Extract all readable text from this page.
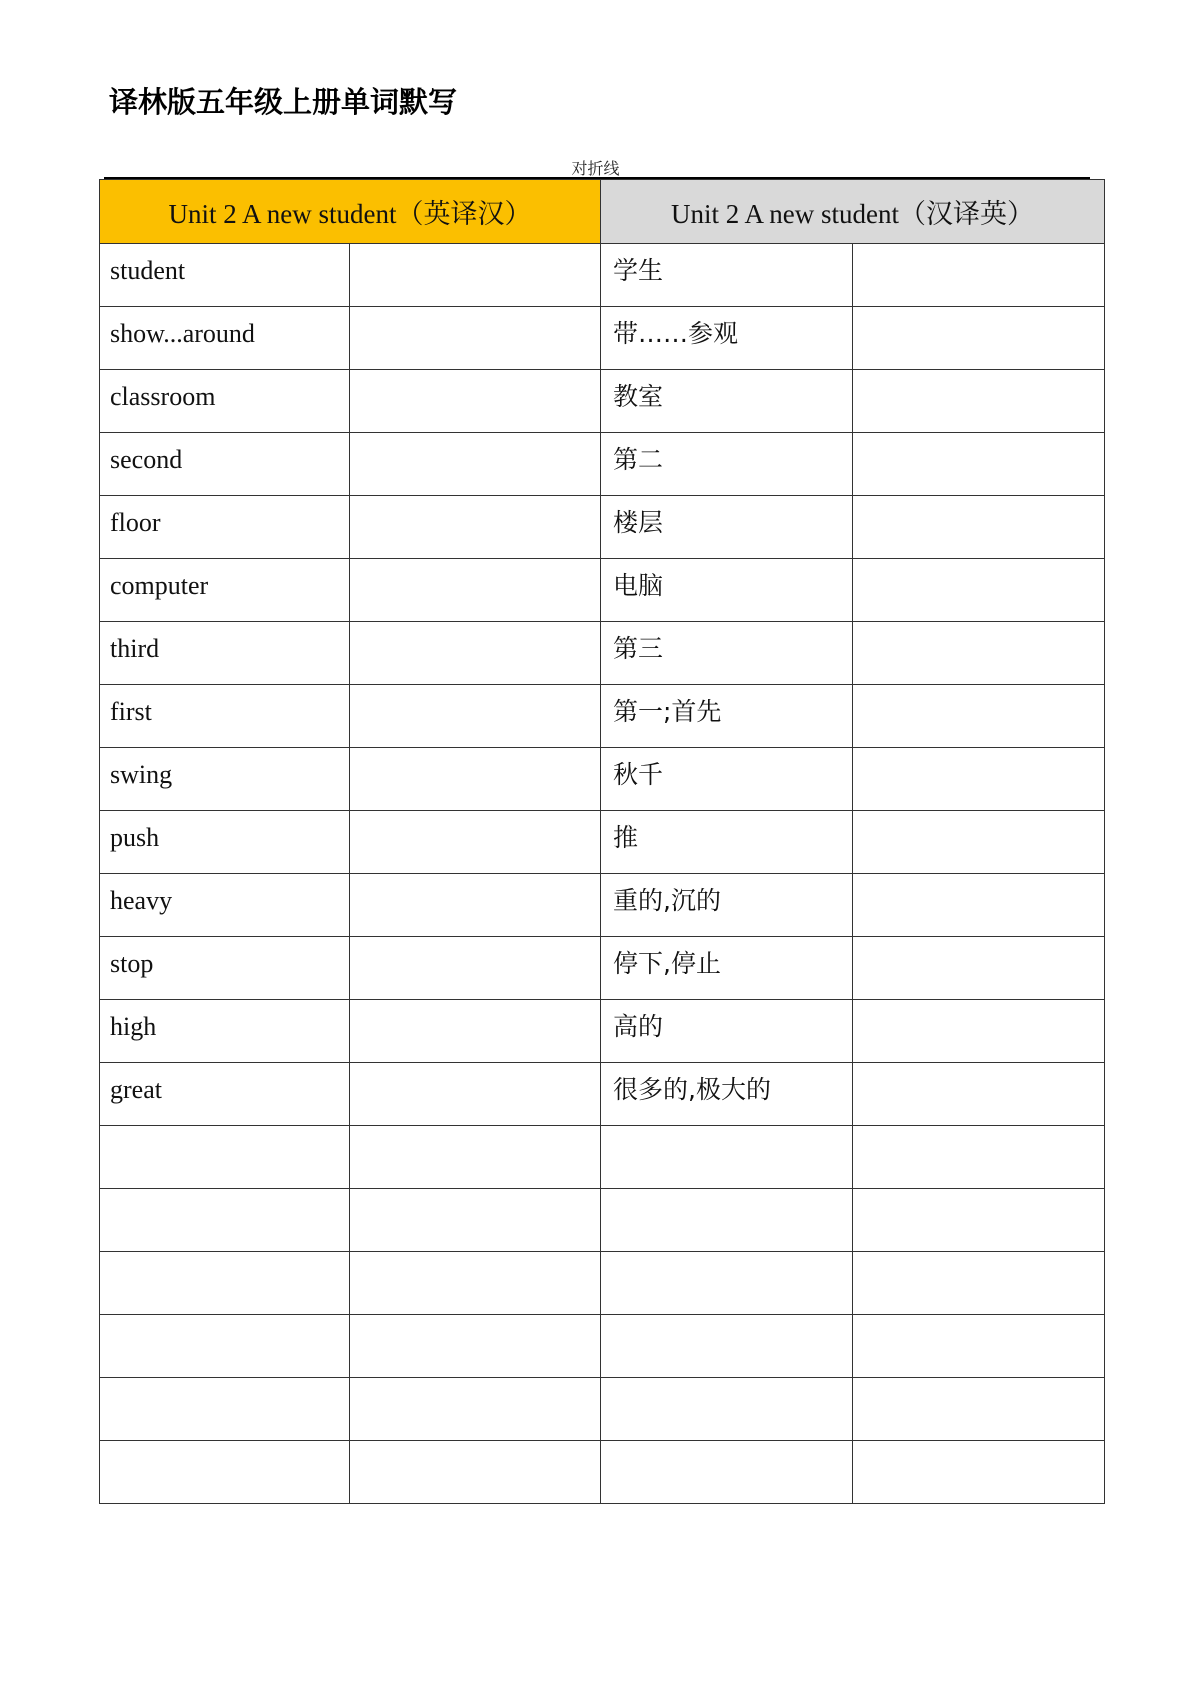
译林版五年级上册单词默写
对折线
Unit 2 A new student（英译汉）		Unit 2 A new student（汉译英）	

student		学生	

show...around		带……参观	

classroom		教室	

second		第二	

floor		楼层	

computer		电脑	

third		第三	

first		第一;首先	

swing		秋千	

push		推	

heavy		重的,沉的	

stop		停下,停止	

high		高的	

great		很多的,极大的	
